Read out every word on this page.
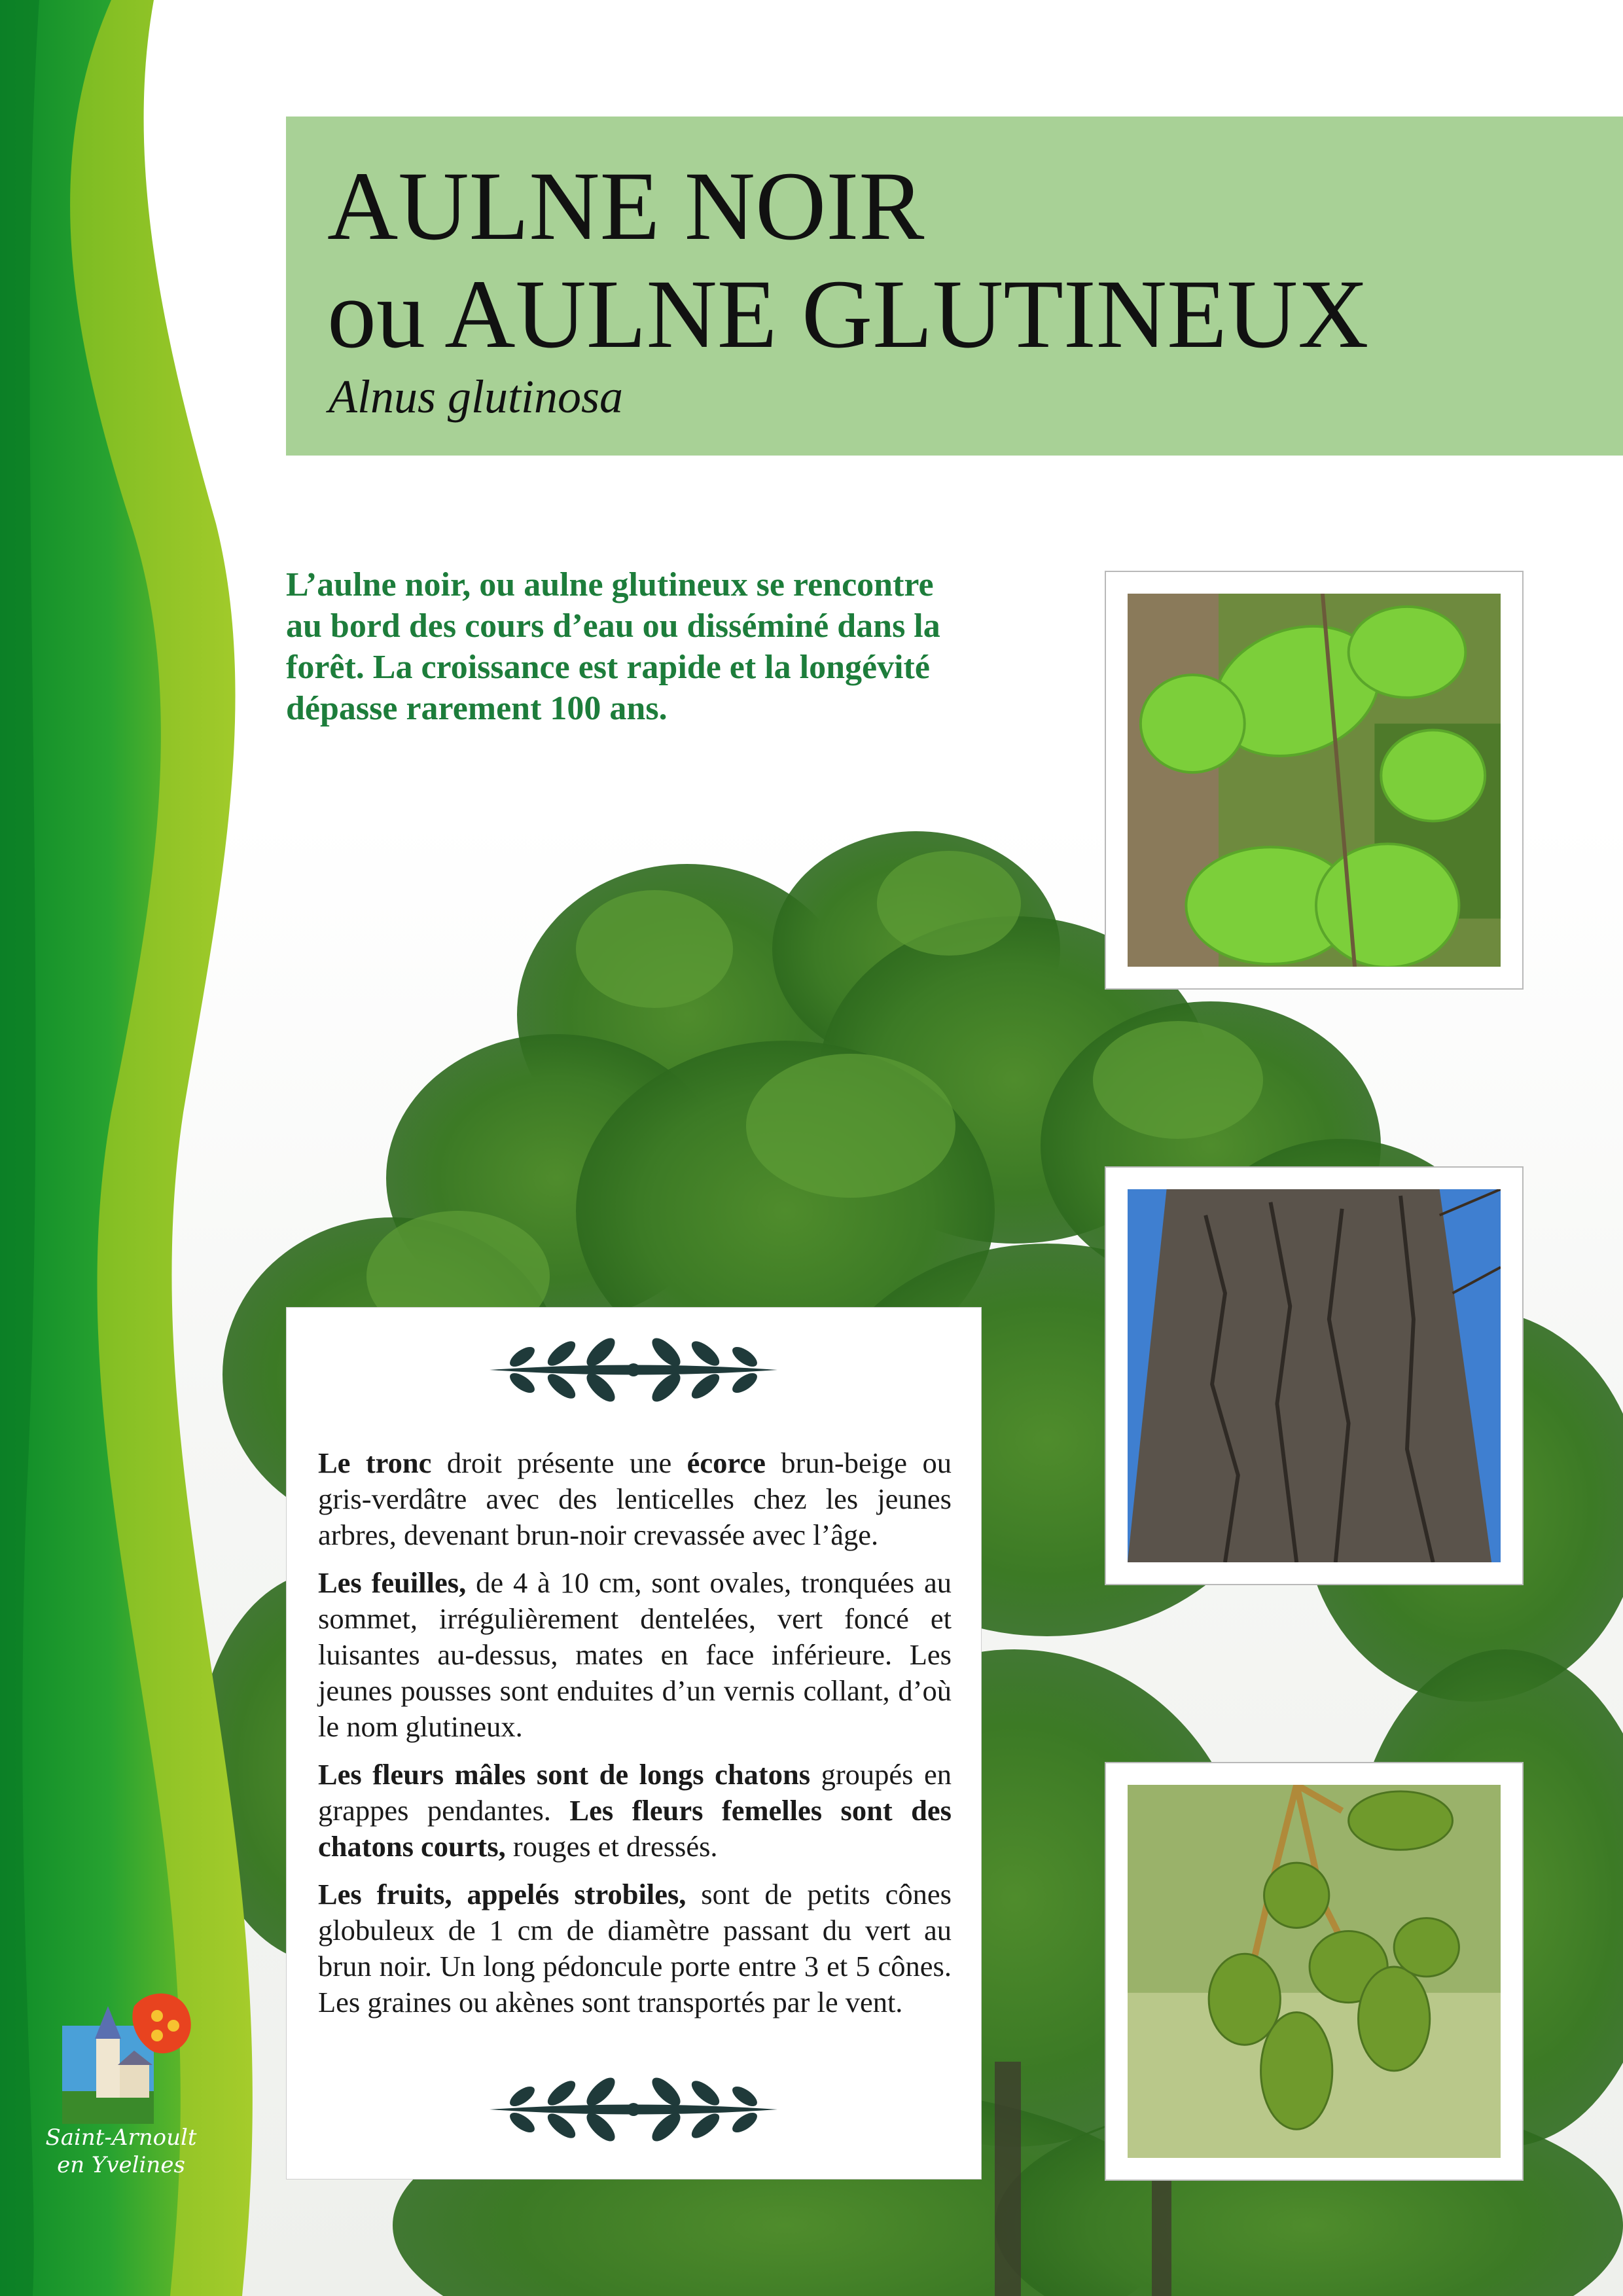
AULNE NOIR
ou AULNE GLUTINEUX
Alnus glutinosa
L’aulne noir, ou aulne glutineux se rencontre au bord des cours d’eau ou disséminé dans la forêt. La croissance est rapide et la longévité dépasse rarement 100 ans.

Le tronc droit présente une écorce brun-beige ou gris-verdâtre avec des lenticelles chez les jeunes arbres, devenant brun-noir crevassée avec l’âge.

Les feuilles, de 4 à 10 cm, sont ovales, tronquées au sommet, irrégulièrement dentelées, vert foncé et luisantes au-dessus, mates en face inférieure. Les jeunes pousses sont enduites d’un vernis collant, d’où le nom glutineux.

Les fleurs mâles sont de longs chatons groupés en grappes pendantes. Les fleurs femelles sont des chatons courts, rouges et dressés.

Les fruits, appelés strobiles, sont de petits cônes globuleux de 1 cm de diamètre passant du vert au brun noir. Un long pédoncule porte entre 3 et 5 cônes. Les graines ou akènes sont transportés par le vent.

Saint-Arnoult
en Yvelines
